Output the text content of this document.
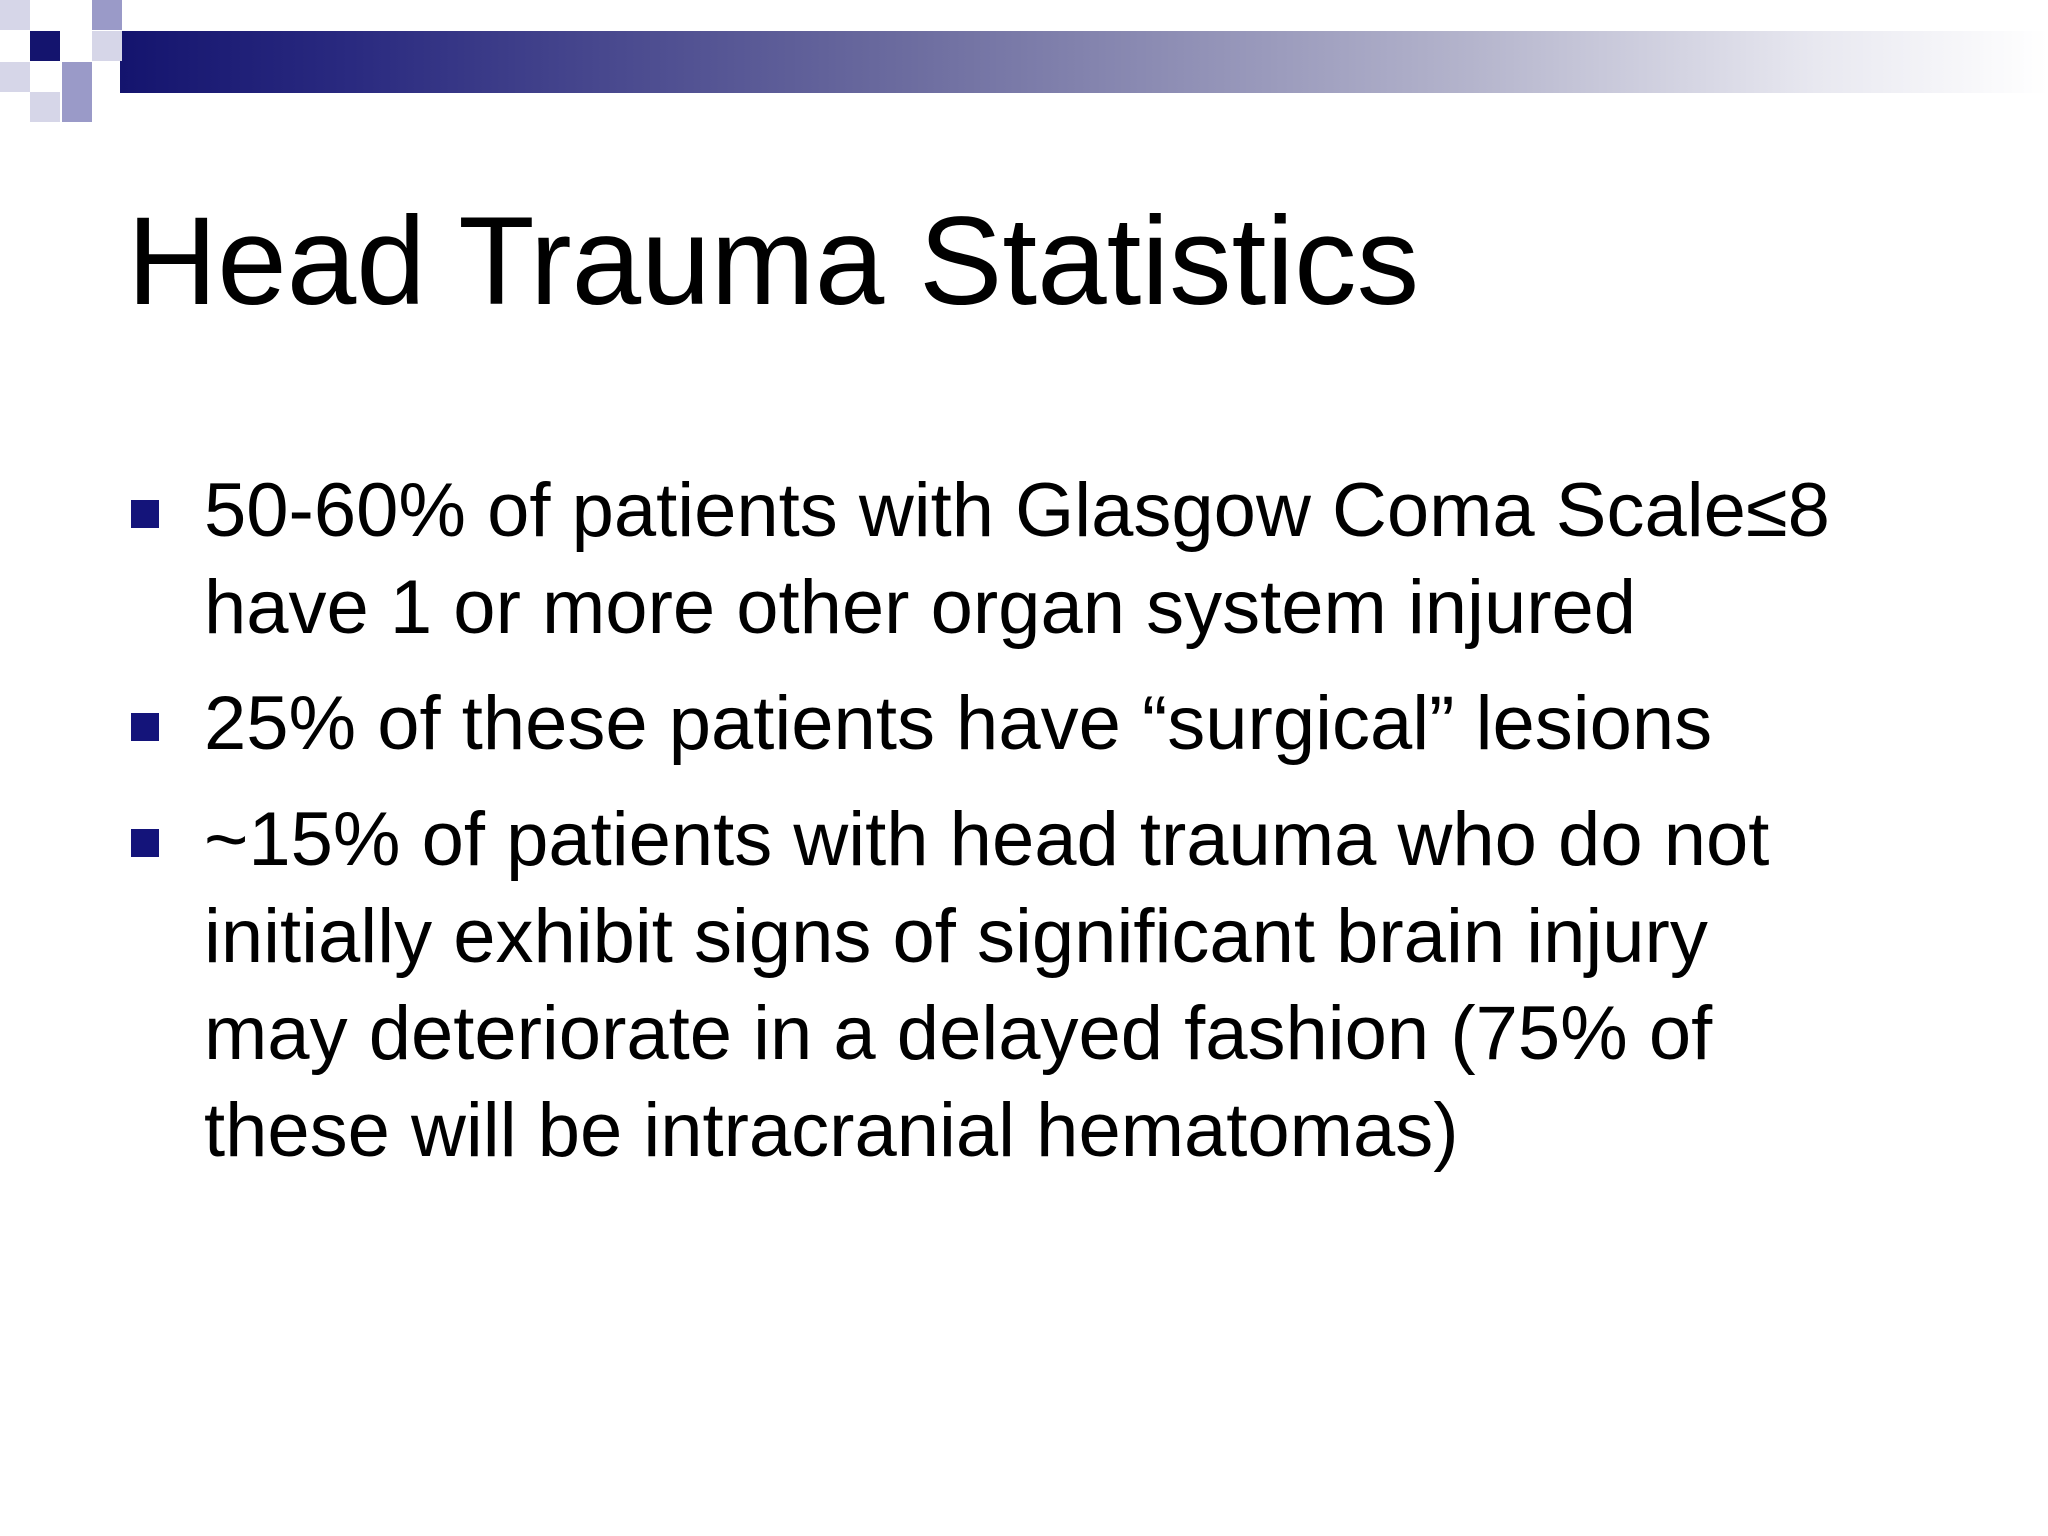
Head Trauma Statistics
50-60% of patients with Glasgow Coma Scale≤8
have 1 or more other organ system injured
25% of these patients have “surgical” lesions
~15% of patients with head trauma who do not
initially exhibit signs of significant brain injury
may deteriorate in a delayed fashion (75% of
these will be intracranial hematomas)
